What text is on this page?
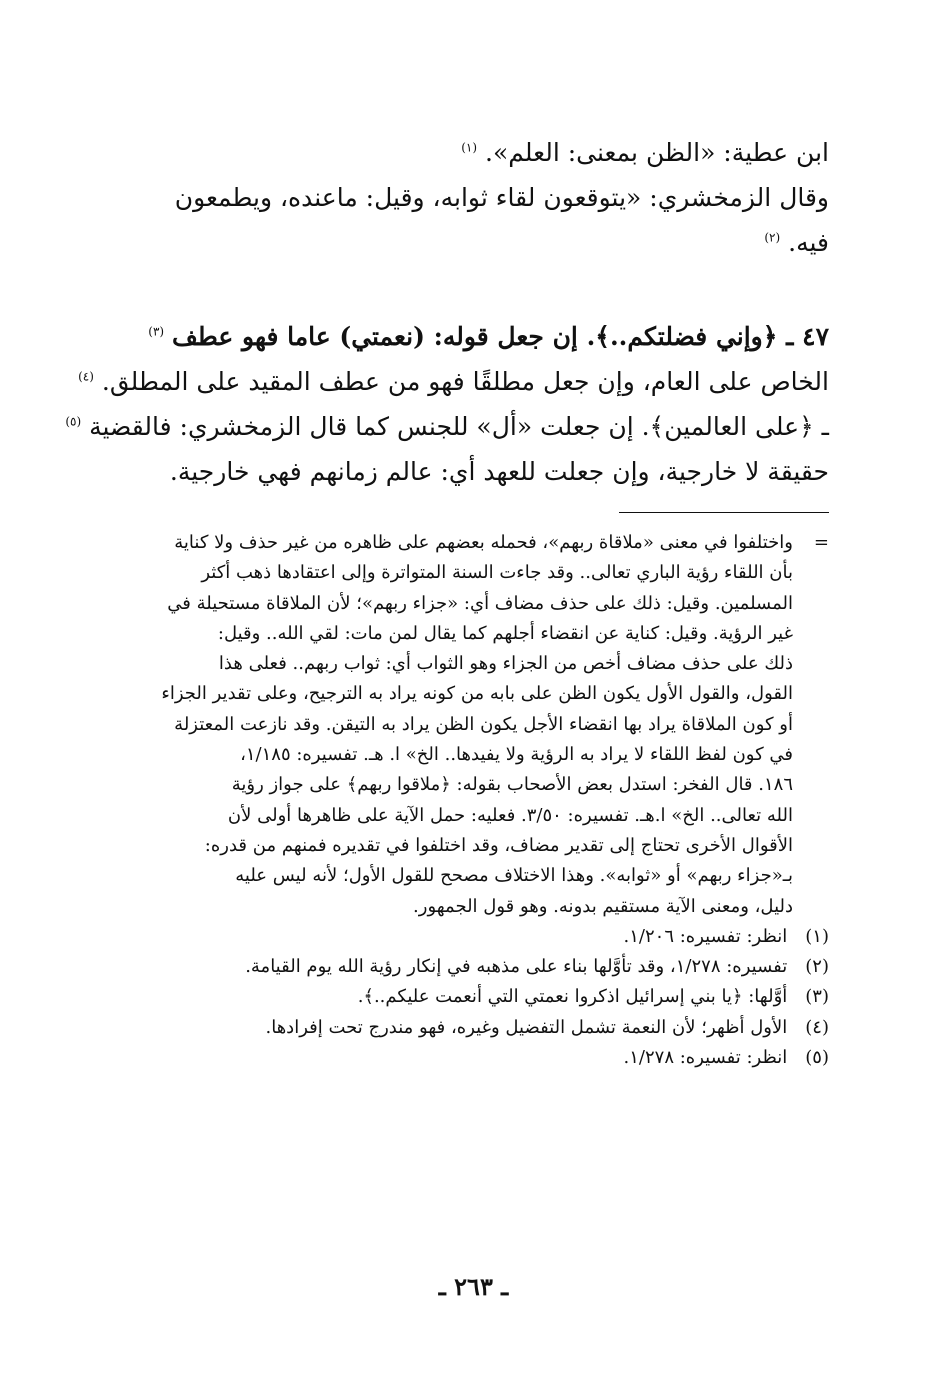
ابن عطية: «الظن بمعنى: العلم». $^{(١)}$
وقال الزمخشري: «يتوقعون لقاء ثوابه، وقيل: ماعنده، ويطمعون
فيه. $^{(٢)}$
٤٧ ـ ﴿وإني فضلتكم..﴾. إن جعل قوله: (نعمتي) عاما فهو عطف $^{(٣)}$
الخاص على العام، وإن جعل مطلقًا فهو من عطف المقيد على المطلق. $^{(٤)}$
ـ ﴿على العالمين﴾. إن جعلت «أل» للجنس كما قال الزمخشري: فالقضية $^{(٥)}$
حقيقة لا خارجية، وإن جعلت للعهد أي: عالم زمانهم فهي خارجية.
=
واختلفوا في معنى «ملاقاة ربهم»، فحمله بعضهم على ظاهره من غير حذف ولا كناية
بأن اللقاء رؤية الباري تعالى.. وقد جاءت السنة المتواترة وإلى اعتقادها ذهب أكثر
المسلمين. وقيل: ذلك على حذف مضاف أي: «جزاء ربهم»؛ لأن الملاقاة مستحيلة في
غير الرؤية. وقيل: كناية عن انقضاء أجلهم كما يقال لمن مات: لقي الله.. وقيل:
ذلك على حذف مضاف أخص من الجزاء وهو الثواب أي: ثواب ربهم.. فعلى هذا
القول، والقول الأول يكون الظن على بابه من كونه يراد به الترجيح، وعلى تقدير الجزاء
أو كون الملاقاة يراد بها انقضاء الأجل يكون الظن يراد به التيقن. وقد نازعت المعتزلة
في كون لفظ اللقاء لا يراد به الرؤية ولا يفيدها.. الخ» ا. هـ. تفسيره: ١/١٨٥،
١٨٦. قال الفخر: استدل بعض الأصحاب بقوله: ﴿ملاقوا ربهم﴾ على جواز رؤية
الله تعالى.. الخ» ا.هـ. تفسيره: ٣/٥٠. فعليه: حمل الآية على ظاهرها أولى لأن
الأقوال الأخرى تحتاج إلى تقدير مضاف، وقد اختلفوا في تقديره فمنهم من قدره:
بـ«جزاء ربهم» أو «ثوابه». وهذا الاختلاف مصحح للقول الأول؛ لأنه ليس عليه
دليل، ومعنى الآية مستقيم بدونه. وهو قول الجمهور.
(١) انظر: تفسيره: ١/٢٠٦.
(٢) تفسيره: ١/٢٧٨، وقد تأوَّلها بناء على مذهبه في إنكار رؤية الله يوم القيامة.
(٣) أوَّلها: ﴿يا بني إسرائيل اذكروا نعمتي التي أنعمت عليكم..﴾.
(٤) الأول أظهر؛ لأن النعمة تشمل التفضيل وغيره، فهو مندرج تحت إفرادها.
(٥) انظر: تفسيره: ١/٢٧٨.
ـ ٢٦٣ ـ
